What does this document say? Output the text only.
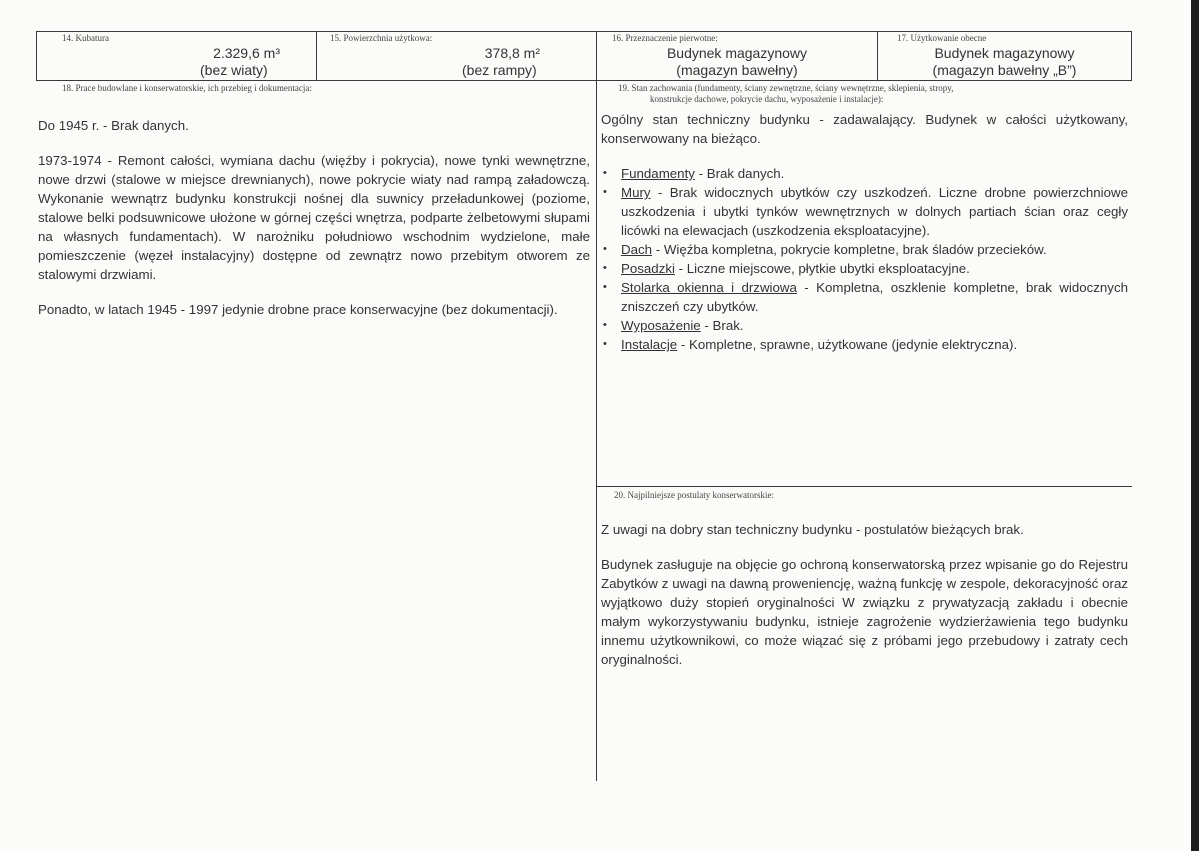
14. Kubatura
2.329,6 m³
(bez wiaty)
15. Powierzchnia użytkowa:
378,8 m²
(bez rampy)
16. Przeznaczenie pierwotne:
Budynek magazynowy
(magazyn bawełny)
17. Użytkowanie obecne
Budynek magazynowy
(magazyn bawełny „B”)
18. Prace budowlane i konserwatorskie, ich przebieg i dokumentacja:

Do 1945 r. - Brak danych.

1973-1974 - Remont całości, wymiana dachu (więźby i pokrycia), nowe tynki wewnętrzne, nowe drzwi (stalowe w miejsce drewnianych), nowe pokrycie wiaty nad rampą załadowczą. Wykonanie wewnątrz budynku konstrukcji nośnej dla suwnicy przeładunkowej (poziome, stalowe belki podsuwnicowe ułożone w górnej części wnętrza, podparte żelbetowymi słupami na własnych fundamentach). W narożniku południowo wschodnim wydzielone, małe pomieszczenie (węzeł instalacyjny) dostępne od zewnątrz nowo przebitym otworem ze stalowymi drzwiami.

Ponadto, w latach 1945 - 1997 jedynie drobne prace konserwacyjne (bez dokumentacji).

19. Stan zachowania (fundamenty, ściany zewnętrzne, ściany wewnętrzne, sklepienia, stropy,
konstrukcje dachowe, pokrycie dachu, wyposażenie i instalacje):

Ogólny stan techniczny budynku - zadawalający. Budynek w całości użytkowany, konserwowany na bieżąco.

• Fundamenty - Brak danych.
• Mury - Brak widocznych ubytków czy uszkodzeń. Liczne drobne powierzchniowe uszkodzenia i ubytki tynków wewnętrznych w dolnych partiach ścian oraz cegły licówki na elewacjach (uszkodzenia eksploatacyjne).
• Dach - Więźba kompletna, pokrycie kompletne, brak śladów przecieków.
• Posadzki - Liczne miejscowe, płytkie ubytki eksploatacyjne.
• Stolarka okienna i drzwiowa - Kompletna, oszklenie kompletne, brak widocznych zniszczeń czy ubytków.
• Wyposażenie - Brak.
• Instalacje - Kompletne, sprawne, użytkowane (jedynie elektryczna).
20. Najpilniejsze postulaty konserwatorskie:

Z uwagi na dobry stan techniczny budynku - postulatów bieżących brak.

Budynek zasługuje na objęcie go ochroną konserwatorską przez wpisanie go do Rejestru Zabytków z uwagi na dawną proweniencję, ważną funkcję w zespole, dekoracyjność oraz wyjątkowo duży stopień oryginalności W związku z prywatyzacją zakładu i obecnie małym wykorzystywaniu budynku, istnieje zagrożenie wydzierżawienia tego budynku innemu użytkownikowi, co może wiązać się z próbami jego przebudowy i zatraty cech oryginalności.
